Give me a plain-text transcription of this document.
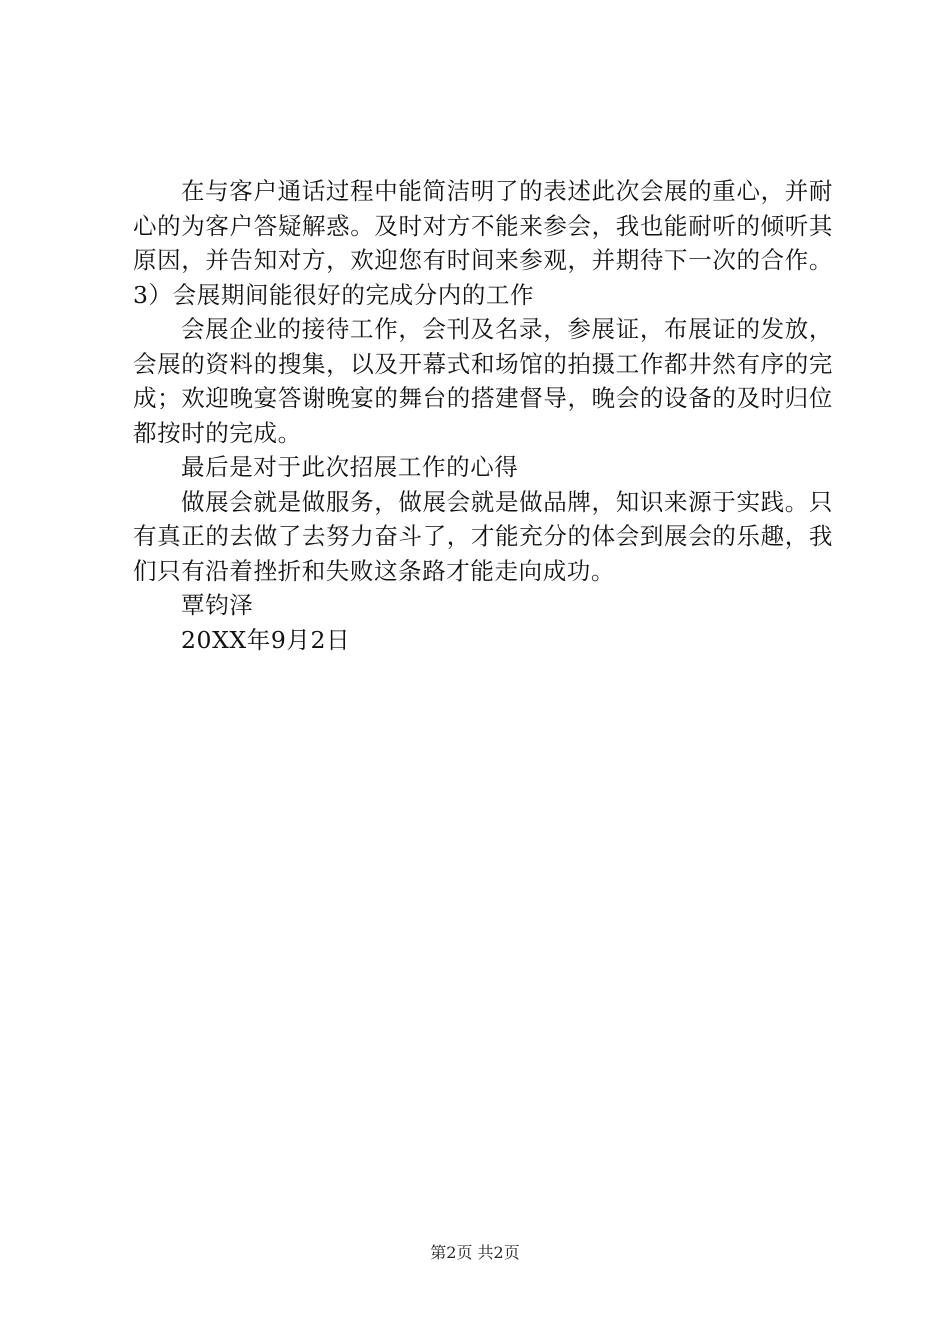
在与客户通话过程中能简洁明了的表述此次会展的重心，并耐心的为客户答疑解惑。及时对方不能来参会，我也能耐听的倾听其原因，并告知对方，欢迎您有时间来参观，并期待下一次的合作。3）会展期间能很好的完成分内的工作

会展企业的接待工作，会刊及名录，参展证，布展证的发放，会展的资料的搜集，以及开幕式和场馆的拍摄工作都井然有序的完成；欢迎晚宴答谢晚宴的舞台的搭建督导，晚会的设备的及时归位都按时的完成。

最后是对于此次招展工作的心得

做展会就是做服务，做展会就是做品牌，知识来源于实践。只有真正的去做了去努力奋斗了，才能充分的体会到展会的乐趣，我们只有沿着挫折和失败这条路才能走向成功。

覃钧泽

20XX年9月2日

第2页 共2页
